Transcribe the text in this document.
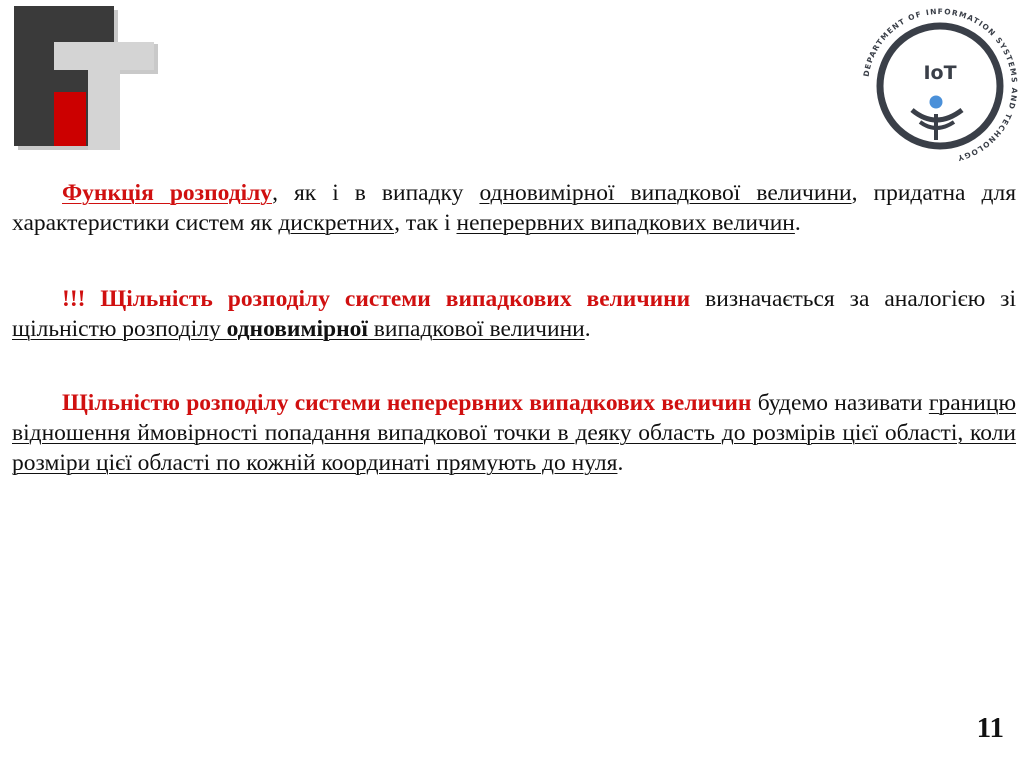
DEPARTMENT OF INFORMATION SYSTEMS AND TECHNOLOGY
IoT

Функція розподілу, як і в випадку одновимірної випадкової величини, придатна для характеристики систем як дискретних, так і неперервних випадкових величин.

!!! Щільність розподілу системи випадкових величини визначається за аналогією зі щільністю розподілу одновимірної випадкової величини.

Щільністю розподілу системи неперервних випадкових величин будемо називати границю відношення ймовірності попадання випадкової точки в деяку область до розмірів цієї області, коли розміри цієї області по кожній координаті прямують до нуля.

11
